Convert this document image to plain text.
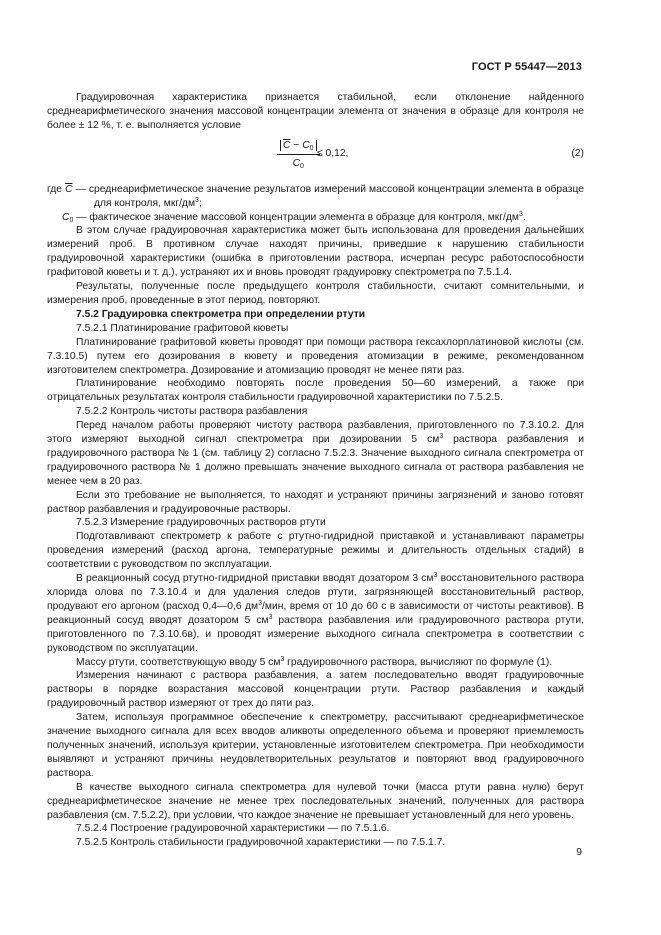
ГОСТ Р 55447—2013

Градуировочная характеристика признается стабильной, если отклонение найденного среднеарифметического значения массовой концентрации элемента от значения в образце для контроля не более ± 12 %, т. е. выполняется условие

$\frac{\overline{C} - C_0}{C_0}$
≤ 0,12,	(2)

где $\overline{C}$ — среднеарифметическое значение результатов измерений массовой концентрации элемента в образце для контроля, мкг/$дм^3$;

$C_0$ — фактическое значение массовой концентрации элемента в образце для контроля, мкг/$дм^3$.

В этом случае градуировочная характеристика может быть использована для проведения дальнейших измерений проб. В противном случае находят причины, приведшие к нарушению стабильности градуировочной характеристики (ошибка в приготовлении раствора, исчерпан ресурс работоспособности графитовой кюветы и т. д.), устраняют их и вновь проводят градуировку спектрометра по 7.5.1.4.

Результаты, полученные после предыдущего контроля стабильности, считают сомнительными, и измерения проб, проведенные в этот период, повторяют.

7.5.2 Градуировка спектрометра при определении ртути

7.5.2.1 Платинирование графитовой кюветы

Платинирование графитовой кюветы проводят при помощи раствора гексахлорплатиновой кислоты (см. 7.3.10.5) путем его дозирования в кювету и проведения атомизации в режиме, рекомендованном изготовителем спектрометра. Дозирование и атомизацию проводят не менее пяти раз.

Платинирование необходимо повторять после проведения 50—60 измерений, а также при отрицательных результатах контроля стабильности градуировочной характеристики по 7.5.2.5.

7.5.2.2 Контроль чистоты раствора разбавления

Перед началом работы проверяют чистоту раствора разбавления, приготовленного по 7.3.10.2. Для этого измеряют выходной сигнал спектрометра при дозировании 5 $см^3$ раствора разбавления и градуировочного раствора № 1 (см. таблицу 2) согласно 7.5.2.3. Значение выходного сигнала спектрометра от градуировочного раствора № 1 должно превышать значение выходного сигнала от раствора разбавления не менее чем в 20 раз.

Если это требование не выполняется, то находят и устраняют причины загрязнений и заново готовят раствор разбавления и градуировочные растворы.

7.5.2.3 Измерение градуировочных растворов ртути

Подготавливают спектрометр к работе с ртутно-гидридной приставкой и устанавливают параметры проведения измерений (расход аргона, температурные режимы и длительность отдельных стадий) в соответствии с руководством по эксплуатации.

В реакционный сосуд ртутно-гидридной приставки вводят дозатором 3 $см^3$ восстановительного раствора хлорида олова по 7.3.10.4 и для удаления следов ртути, загрязняющей восстановительный раствор, продувают его аргоном (расход 0,4—0,6 $дм^3$/мин, время от 10 до 60 с в зависимости от чистоты реактивов). В реакционный сосуд вводят дозатором 5 $см^3$ раствора разбавления или градуировочного раствора ртути, приготовленного по 7.3.10.6в), и проводят измерение выходного сигнала спектрометра в соответствии с руководством по эксплуатации.

Массу ртути, соответствующую вводу 5 $см^3$ градуировочного раствора, вычисляют по формуле (1).

Измерения начинают с раствора разбавления, а затем последовательно вводят градуировочные растворы в порядке возрастания массовой концентрации ртути. Раствор разбавления и каждый градуировочный раствор измеряют от трех до пяти раз.

Затем, используя программное обеспечение к спектрометру, рассчитывают среднеарифметическое значение выходного сигнала для всех вводов аликвоты определенного объема и проверяют приемлемость полученных значений, используя критерии, установленные изготовителем спектрометра. При необходимости выявляют и устраняют причины неудовлетворительных результатов и повторяют ввод градуировочного раствора.

В качестве выходного сигнала спектрометра для нулевой точки (масса ртути равна нулю) берут среднеарифметическое значение не менее трех последовательных значений, полученных для раствора разбавления (см. 7.5.2.2), при условии, что каждое значение не превышает установленный для него уровень.

7.5.2.4 Построение градуировочной характеристики — по 7.5.1.6.

7.5.2.5 Контроль стабильности градуировочной характеристики — по 7.5.1.7.

9
